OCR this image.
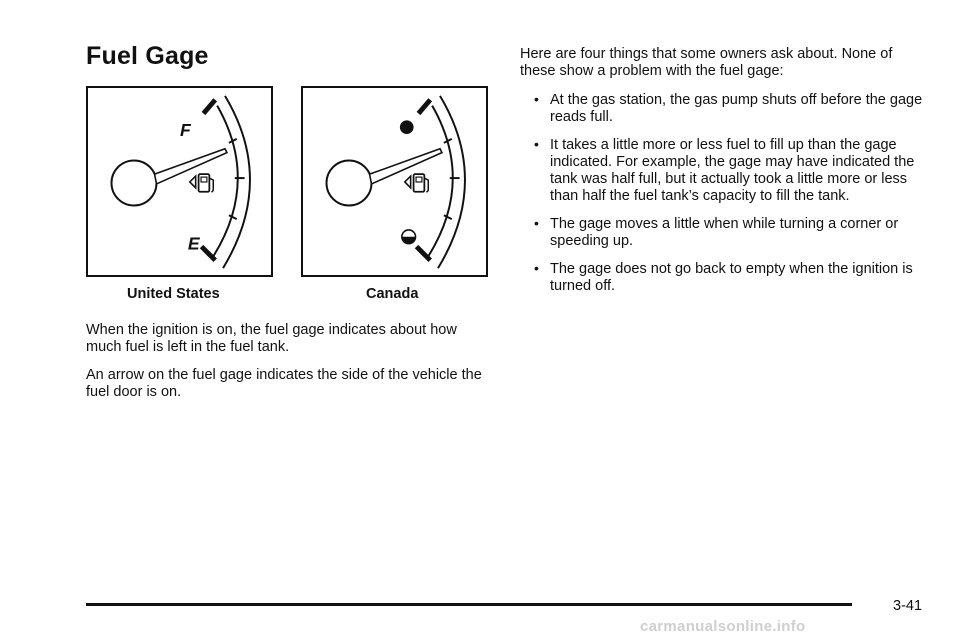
Fuel Gage
F
E
United States	Canada

When the ignition is on, the fuel gage indicates about how much fuel is left in the fuel tank.

An arrow on the fuel gage indicates the side of the vehicle the fuel door is on.

Here are four things that some owners ask about. None of these show a problem with the fuel gage:

• At the gas station, the gas pump shuts off before the gage reads full.
• It takes a little more or less fuel to fill up than the gage indicated. For example, the gage may have indicated the tank was half full, but it actually took a little more or less than half the fuel tank’s capacity to fill the tank.
• The gage moves a little when while turning a corner or speeding up.
• The gage does not go back to empty when the ignition is turned off.
3-41
carmanualsonline.info
